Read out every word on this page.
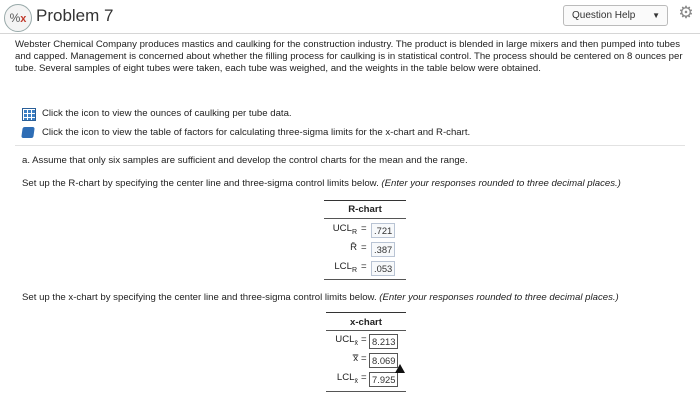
%x Problem 7	Question Help	▼ ⚙
Webster Chemical Company produces mastics and caulking for the construction industry. The product is blended in large mixers and then pumped into tubes and capped. Management is concerned about whether the filling process for caulking is in statistical control. The process should be centered on 8 ounces per tube. Several samples of eight tubes were taken, each tube was weighed, and the weights in the table below were obtained.
Click the icon to view the ounces of caulking per tube data.
Click the icon to view the table of factors for calculating three-sigma limits for the x-chart and R-chart.
a. Assume that only six samples are sufficient and develop the control charts for the mean and the range.
Set up the R-chart by specifying the center line and three-sigma control limits below. (Enter your responses rounded to three decimal places.)
R-chart
$UCL_R = .721$
R̄ = .387
$LCL_R = .053$
Set up the x-chart by specifying the center line and three-sigma control limits below. (Enter your responses rounded to three decimal places.)
x-chart
$UCL_{x̄} = 8.213$
x̿ = 8.069
$LCL_{x̄} = 7.925$
